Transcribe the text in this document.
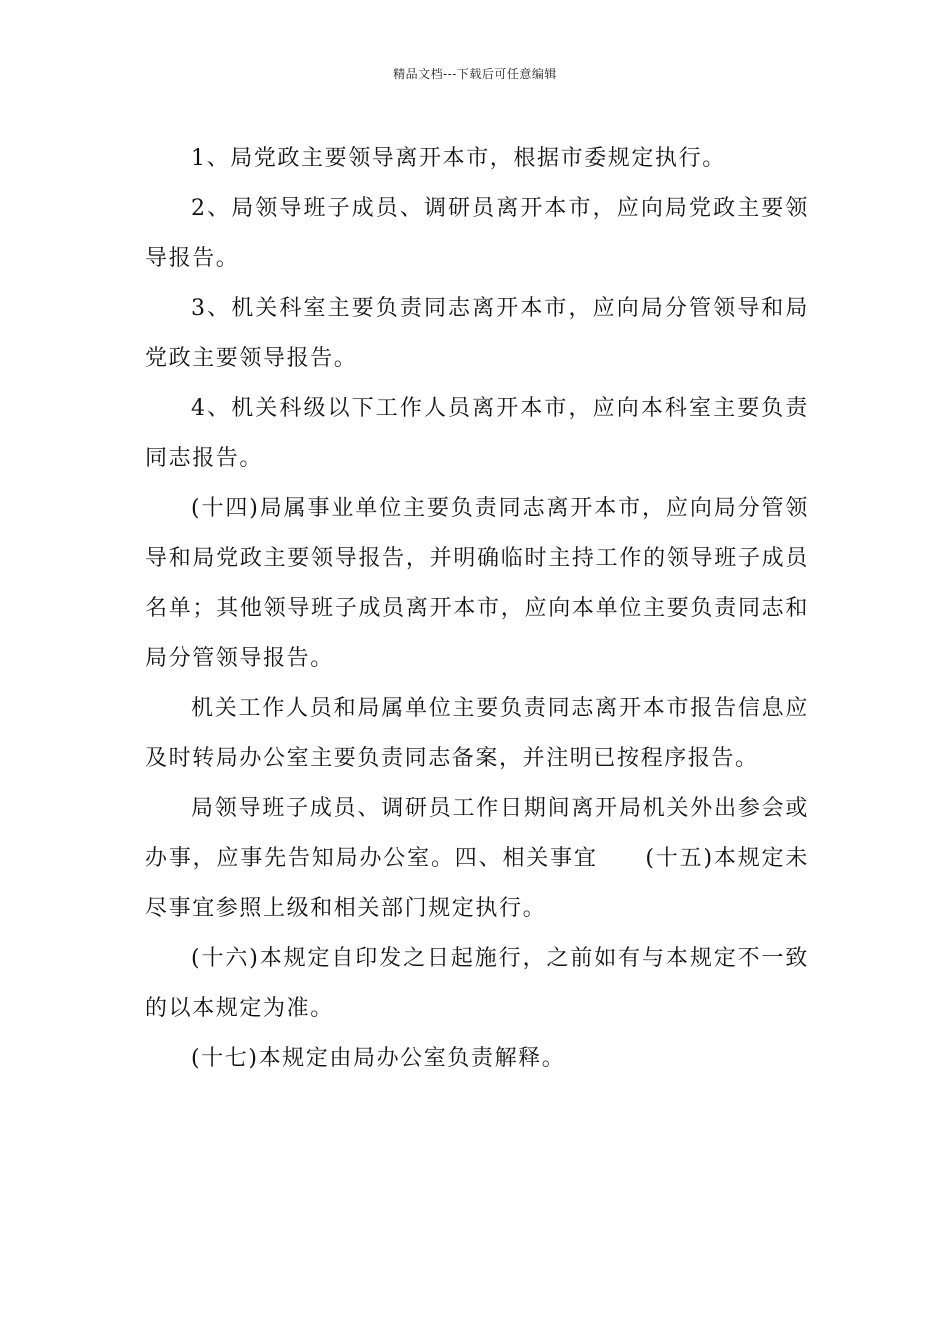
精品文档---下载后可任意编辑

1、局党政主要领导离开本市，根据市委规定执行。

2、局领导班子成员、调研员离开本市，应向局党政主要领导报告。

3、机关科室主要负责同志离开本市，应向局分管领导和局党政主要领导报告。

4、机关科级以下工作人员离开本市，应向本科室主要负责同志报告。

(十四)局属事业单位主要负责同志离开本市，应向局分管领导和局党政主要领导报告，并明确临时主持工作的领导班子成员名单；其他领导班子成员离开本市，应向本单位主要负责同志和局分管领导报告。

机关工作人员和局属单位主要负责同志离开本市报告信息应及时转局办公室主要负责同志备案，并注明已按程序报告。

局领导班子成员、调研员工作日期间离开局机关外出参会或办事，应事先告知局办公室。四、相关事宜　　(十五)本规定未尽事宜参照上级和相关部门规定执行。

(十六)本规定自印发之日起施行，之前如有与本规定不一致的以本规定为准。

(十七)本规定由局办公室负责解释。
